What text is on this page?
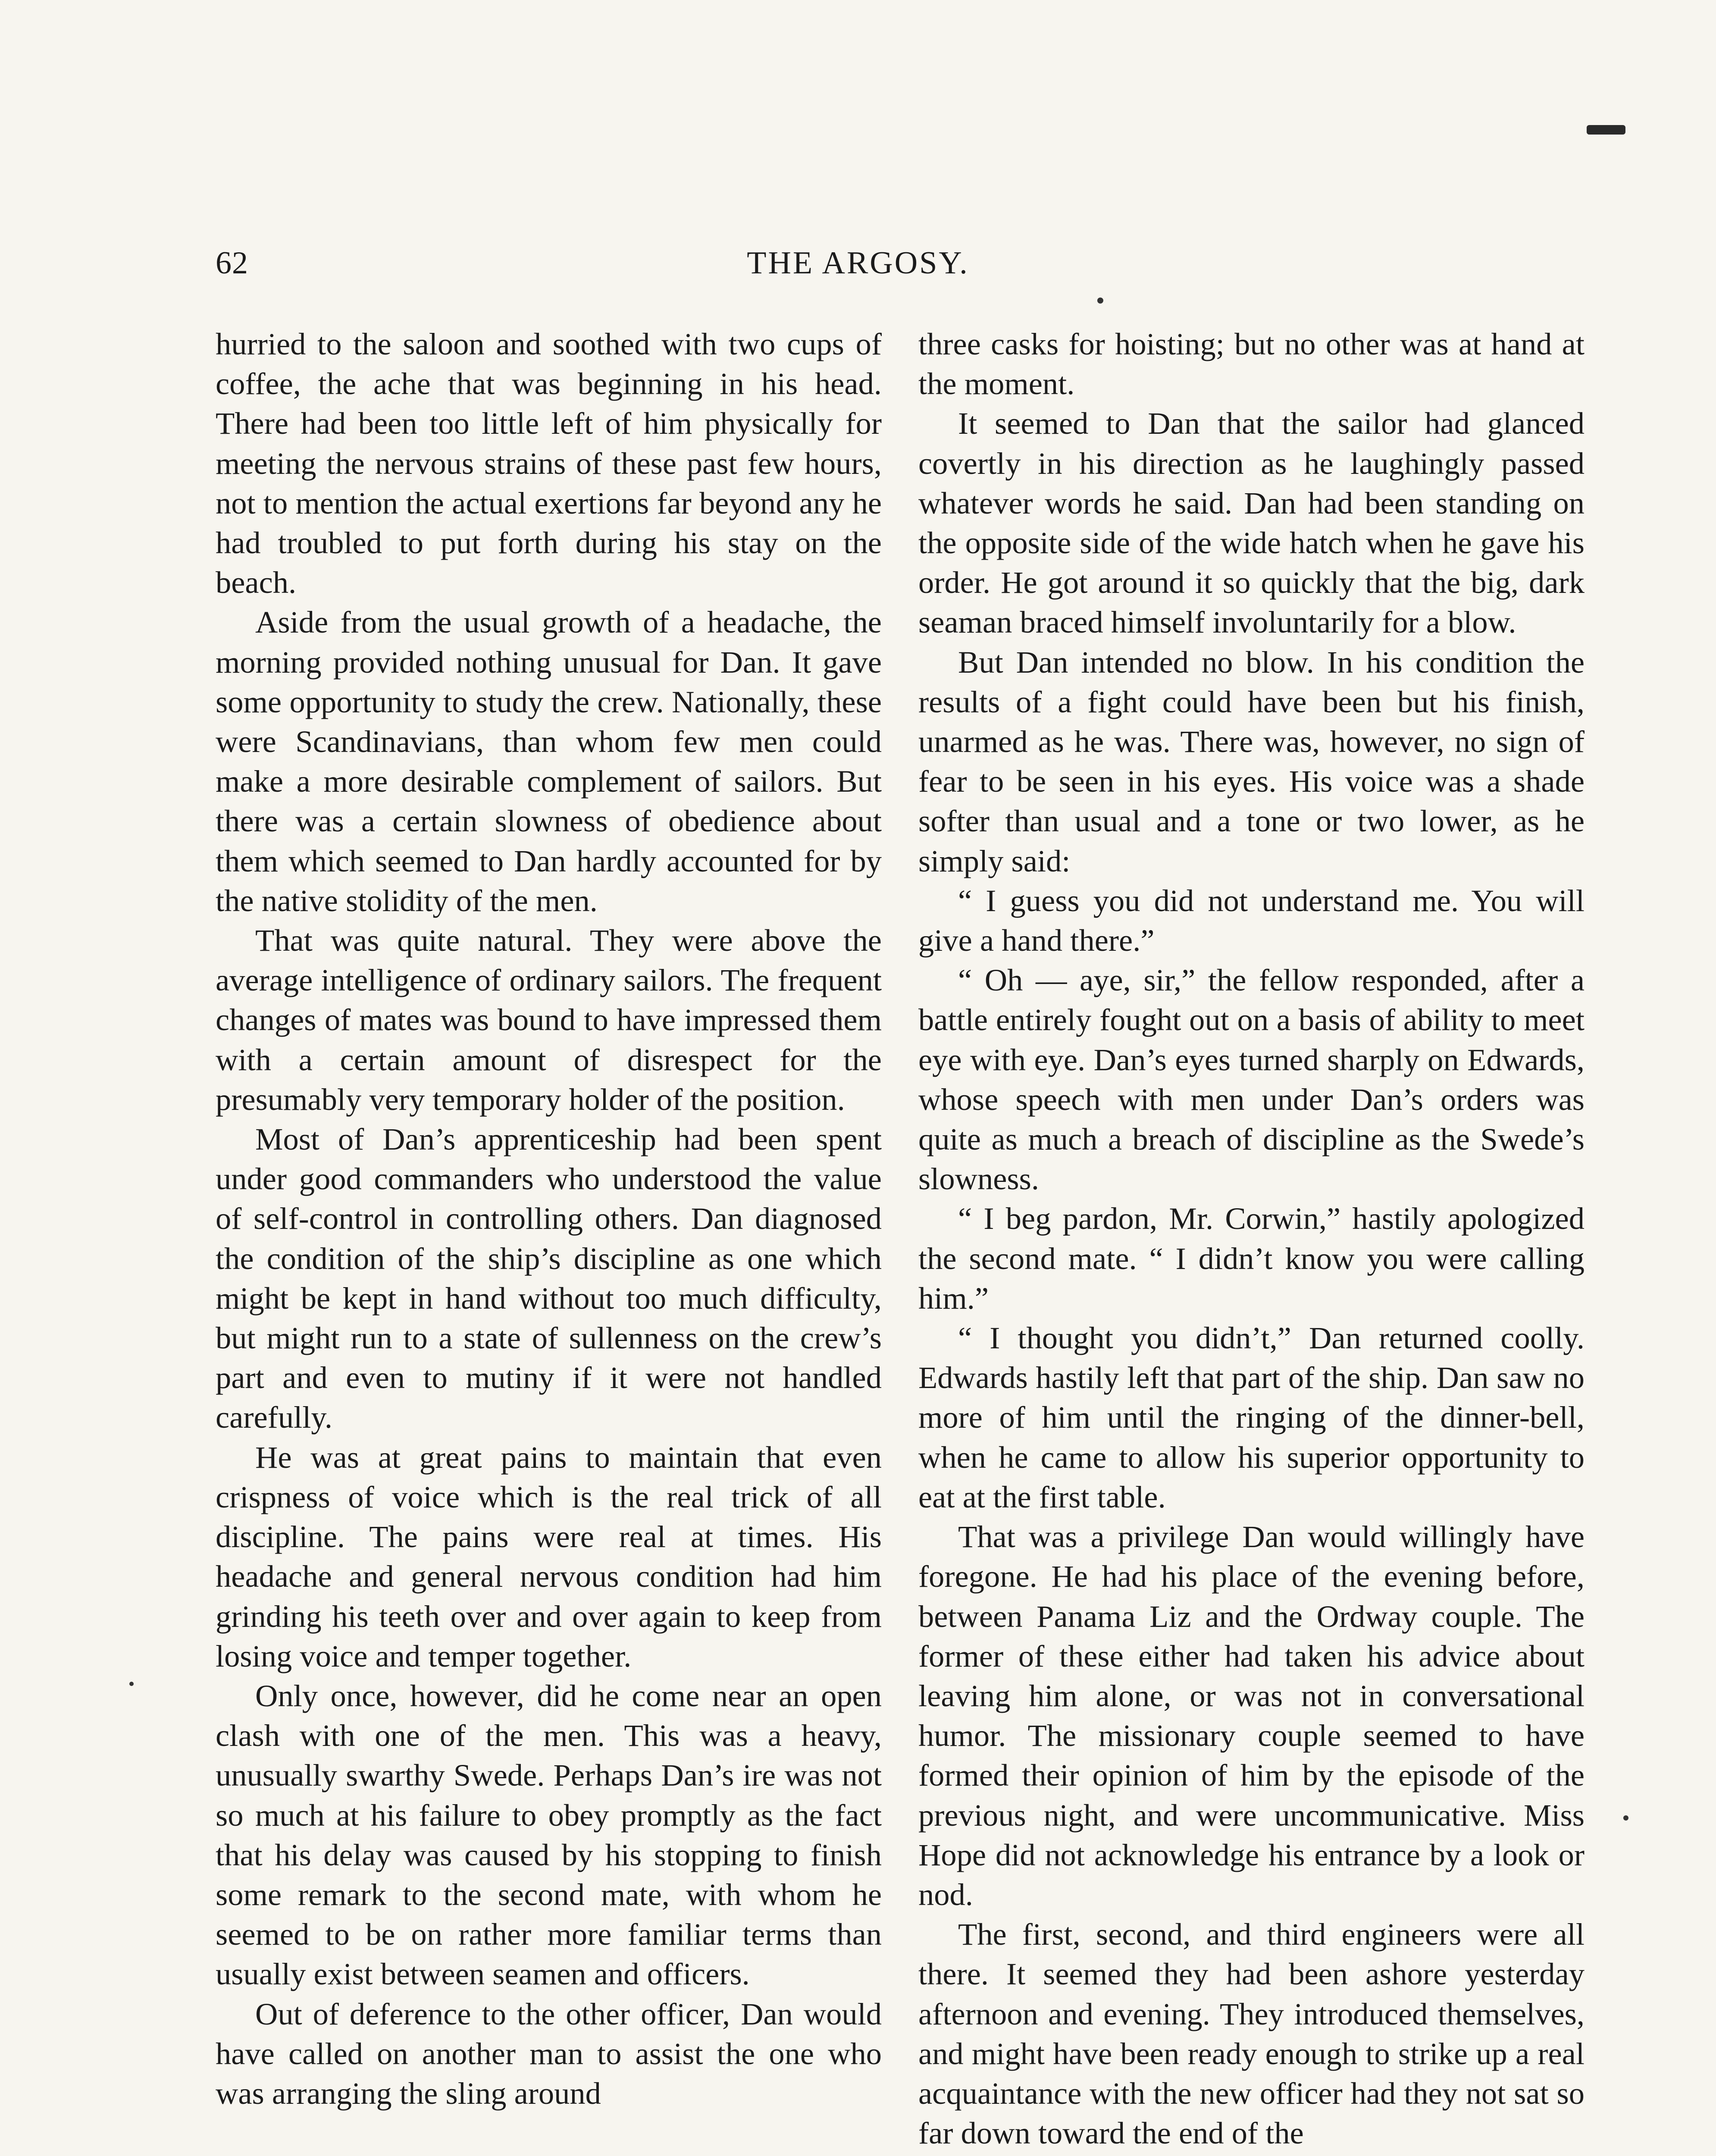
62	THE ARGOSY.

hurried to the saloon and soothed with two cups of coffee, the ache that was beginning in his head. There had been too little left of him physically for meeting the nervous strains of these past few hours, not to mention the actual exertions far beyond any he had troubled to put forth during his stay on the beach.

Aside from the usual growth of a headache, the morning provided nothing unusual for Dan. It gave some opportunity to study the crew. Nationally, these were Scandinavians, than whom few men could make a more desirable complement of sailors. But there was a certain slowness of obedience about them which seemed to Dan hardly accounted for by the native stolidity of the men.

That was quite natural. They were above the average intelligence of ordinary sailors. The frequent changes of mates was bound to have impressed them with a certain amount of disrespect for the presumably very temporary holder of the position.

Most of Dan’s apprenticeship had been spent under good commanders who understood the value of self-control in controlling others. Dan diagnosed the condition of the ship’s discipline as one which might be kept in hand without too much difficulty, but might run to a state of sullenness on the crew’s part and even to mutiny if it were not handled carefully.

He was at great pains to maintain that even crispness of voice which is the real trick of all discipline. The pains were real at times. His headache and general nervous condition had him grinding his teeth over and over again to keep from losing voice and temper together.

Only once, however, did he come near an open clash with one of the men. This was a heavy, unusually swarthy Swede. Perhaps Dan’s ire was not so much at his failure to obey promptly as the fact that his delay was caused by his stopping to finish some remark to the second mate, with whom he seemed to be on rather more familiar terms than usually exist between seamen and officers.

Out of deference to the other officer, Dan would have called on another man to assist the one who was arranging the sling around

three casks for hoisting; but no other was at hand at the moment.

It seemed to Dan that the sailor had glanced covertly in his direction as he laughingly passed whatever words he said. Dan had been standing on the opposite side of the wide hatch when he gave his order. He got around it so quickly that the big, dark seaman braced himself involuntarily for a blow.

But Dan intended no blow. In his condition the results of a fight could have been but his finish, unarmed as he was. There was, however, no sign of fear to be seen in his eyes. His voice was a shade softer than usual and a tone or two lower, as he simply said:

“ I guess you did not understand me. You will give a hand there.”

“ Oh — aye, sir,” the fellow responded, after a battle entirely fought out on a basis of ability to meet eye with eye. Dan’s eyes turned sharply on Edwards, whose speech with men under Dan’s orders was quite as much a breach of discipline as the Swede’s slowness.

“ I beg pardon, Mr. Corwin,” hastily apologized the second mate. “ I didn’t know you were calling him.”

“ I thought you didn’t,” Dan returned coolly. Edwards hastily left that part of the ship. Dan saw no more of him until the ringing of the dinner-bell, when he came to allow his superior opportunity to eat at the first table.

That was a privilege Dan would willingly have foregone. He had his place of the evening before, between Panama Liz and the Ordway couple. The former of these either had taken his advice about leaving him alone, or was not in conversational humor. The missionary couple seemed to have formed their opinion of him by the episode of the previous night, and were uncommunicative. Miss Hope did not acknowledge his entrance by a look or nod.

The first, second, and third engineers were all there. It seemed they had been ashore yesterday afternoon and evening. They introduced themselves, and might have been ready enough to strike up a real acquaintance with the new officer had they not sat so far down toward the end of the
